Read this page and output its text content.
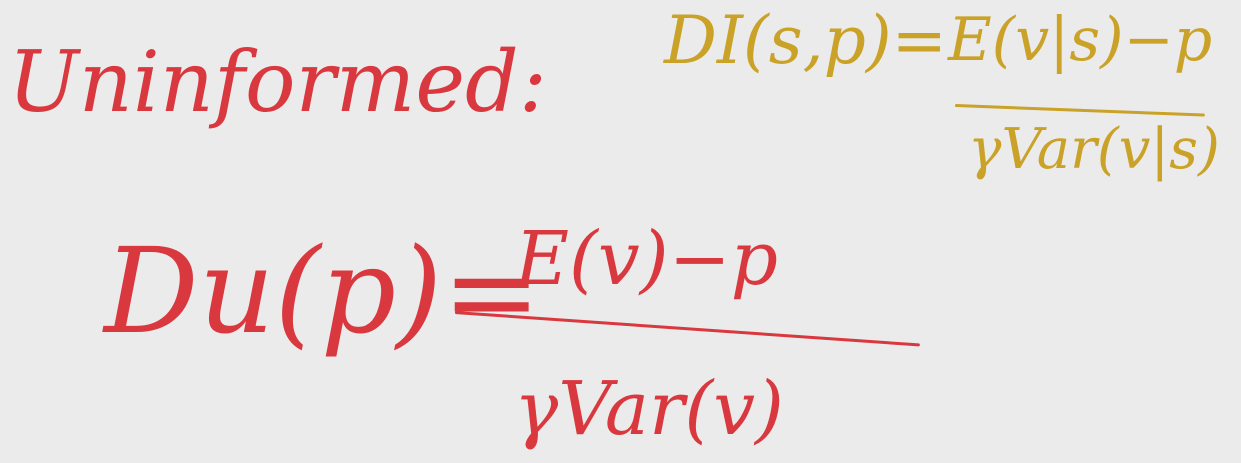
Uninformed: DI(s,p)= E(v|s)−p
γVar(v|s)
Du(p)=
E(v)−p
γVar(v)
